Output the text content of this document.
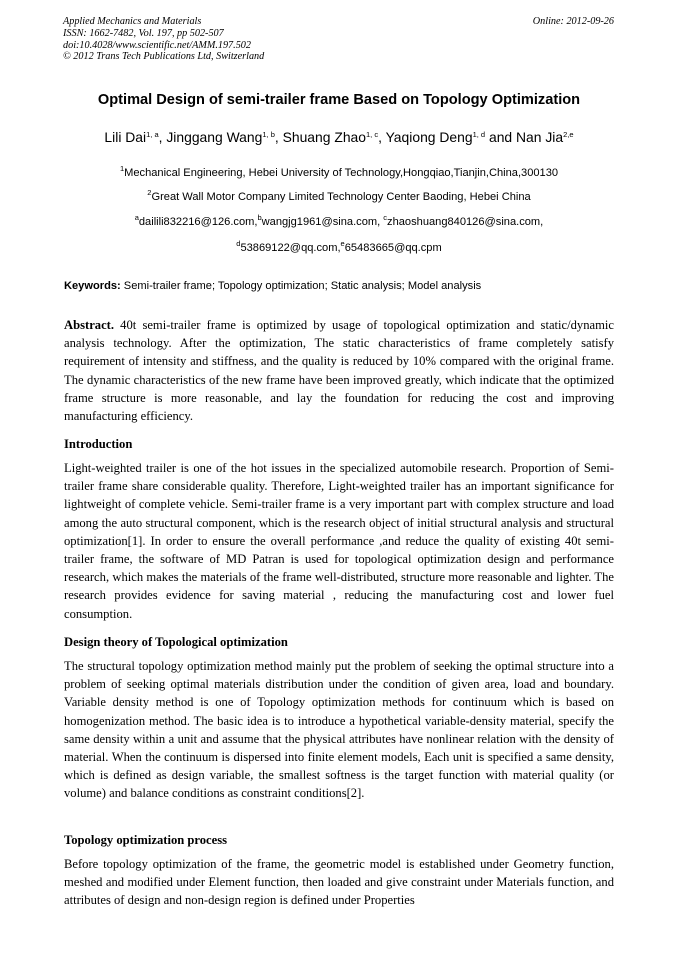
Applied Mechanics and Materials
ISSN: 1662-7482, Vol. 197, pp 502-507
doi:10.4028/www.scientific.net/AMM.197.502
© 2012 Trans Tech Publications Ltd, Switzerland
Online: 2012-09-26
Optimal Design of semi-trailer frame Based on Topology Optimization
Lili Dai$^{1, a}$, Jinggang Wang$^{1, b}$, Shuang Zhao$^{1, c}$, Yaqiong Deng$^{1, d}$ and Nan Jia$^{2,e}$
$^1$Mechanical Engineering, Hebei University of Technology,Hongqiao,Tianjin,China,300130
$^2$Great Wall Motor Company Limited Technology Center Baoding, Hebei China
$^a$dailili832216@126.com,$^b$wangjg1961@sina.com, $^c$zhaoshuang840126@sina.com,
$^d$53869122@qq.com,$^e$65483665@qq.cpm
Keywords: Semi-trailer frame; Topology optimization; Static analysis; Model analysis
Abstract. 40t semi-trailer frame is optimized by usage of topological optimization and static/dynamic analysis technology. After the optimization, The static characteristics of frame completely satisfy requirement of intensity and stiffness, and the quality is reduced by 10% compared with the original frame. The dynamic characteristics of the new frame have been improved greatly, which indicate that the optimized frame structure is more reasonable, and lay the foundation for reducing the cost and improving manufacturing efficiency.
Introduction
Light-weighted trailer is one of the hot issues in the specialized automobile research. Proportion of Semi-trailer frame share considerable quality. Therefore, Light-weighted trailer has an important significance for lightweight of complete vehicle. Semi-trailer frame is a very important part with complex structure and load among the auto structural component, which is the research object of initial structural analysis and structural optimization[1]. In order to ensure the overall performance ,and reduce the quality of existing 40t semi-trailer frame, the software of MD Patran is used for topological optimization design and performance research, which makes the materials of the frame well-distributed, structure more reasonable and lighter. The research provides evidence for saving material , reducing the manufacturing cost and lower fuel consumption.
Design theory of Topological optimization
The structural topology optimization method mainly put the problem of seeking the optimal structure into a problem of seeking optimal materials distribution under the condition of given area, load and boundary. Variable density method is one of Topology optimization methods for continuum which is based on homogenization method. The basic idea is to introduce a hypothetical variable-density material, specify the same density within a unit and assume that the physical attributes have nonlinear relation with the density of material. When the continuum is dispersed into finite element models, Each unit is specified a same density, which is defined as design variable, the smallest softness is the target function with material quality (or volume) and balance conditions as constraint conditions[2].
Topology optimization process
Before topology optimization of the frame, the geometric model is established under Geometry function, meshed and modified under Element function, then loaded and give constraint under Materials function, and attributes of design and non-design region is defined under Properties
